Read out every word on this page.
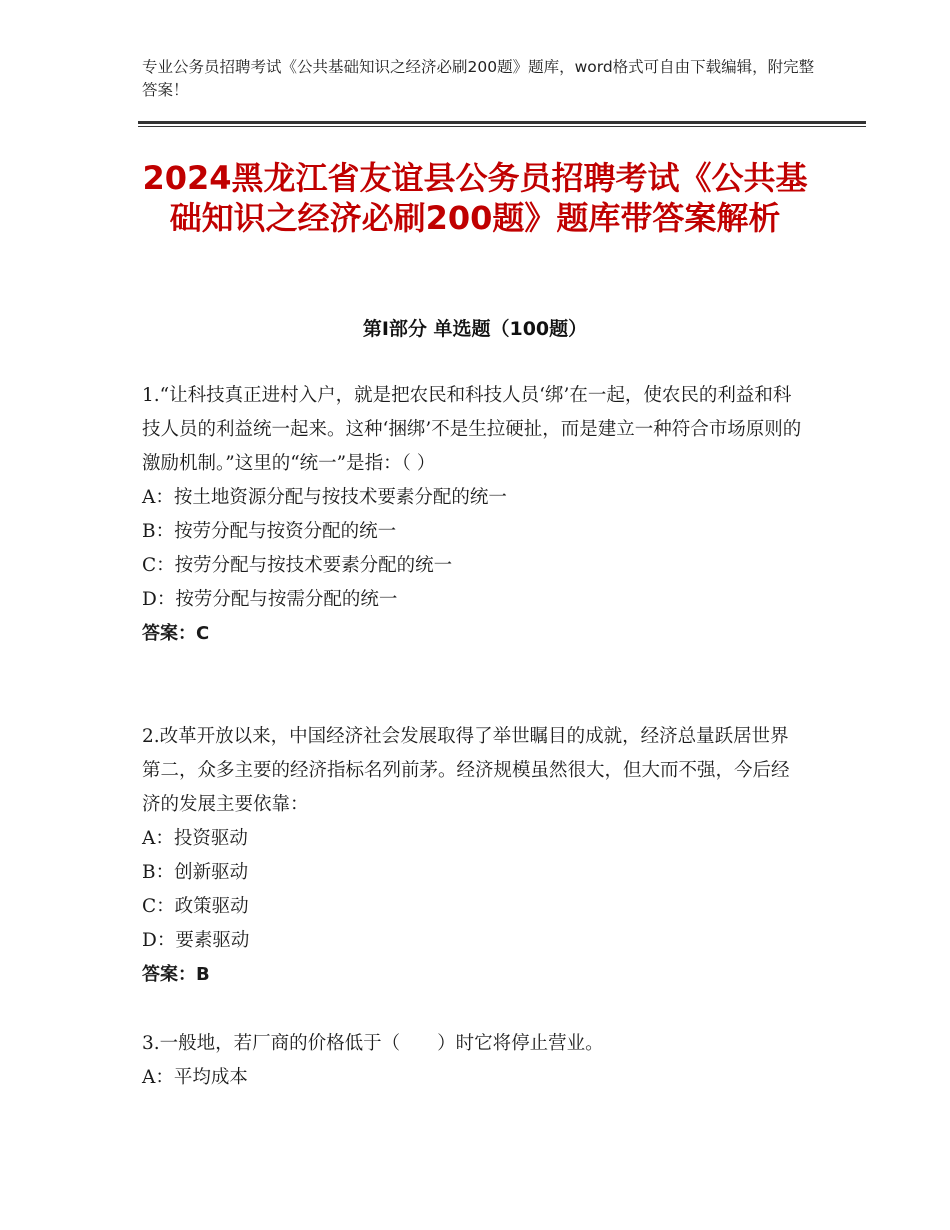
专业公务员招聘考试《公共基础知识之经济必刷200题》题库，word格式可自由下载编辑，附完整答案！
2024黑龙江省友谊县公务员招聘考试《公共基础知识之经济必刷200题》题库带答案解析
第Ⅰ部分 单选题（100题）

1.“让科技真正进村入户，就是把农民和科技人员‘绑’在一起，使农民的利益和科技人员的利益统一起来。这种‘捆绑’不是生拉硬扯，而是建立一种符合市场原则的激励机制。”这里的“统一”是指：（ ）

A：按土地资源分配与按技术要素分配的统一

B：按劳分配与按资分配的统一

C：按劳分配与按技术要素分配的统一

D：按劳分配与按需分配的统一

答案：C

2.改革开放以来，中国经济社会发展取得了举世瞩目的成就，经济总量跃居世界第二，众多主要的经济指标名列前茅。经济规模虽然很大，但大而不强，今后经济的发展主要依靠：

A：投资驱动

B：创新驱动

C：政策驱动

D：要素驱动

答案：B

3.一般地，若厂商的价格低于（　　）时它将停止营业。

A：平均成本
